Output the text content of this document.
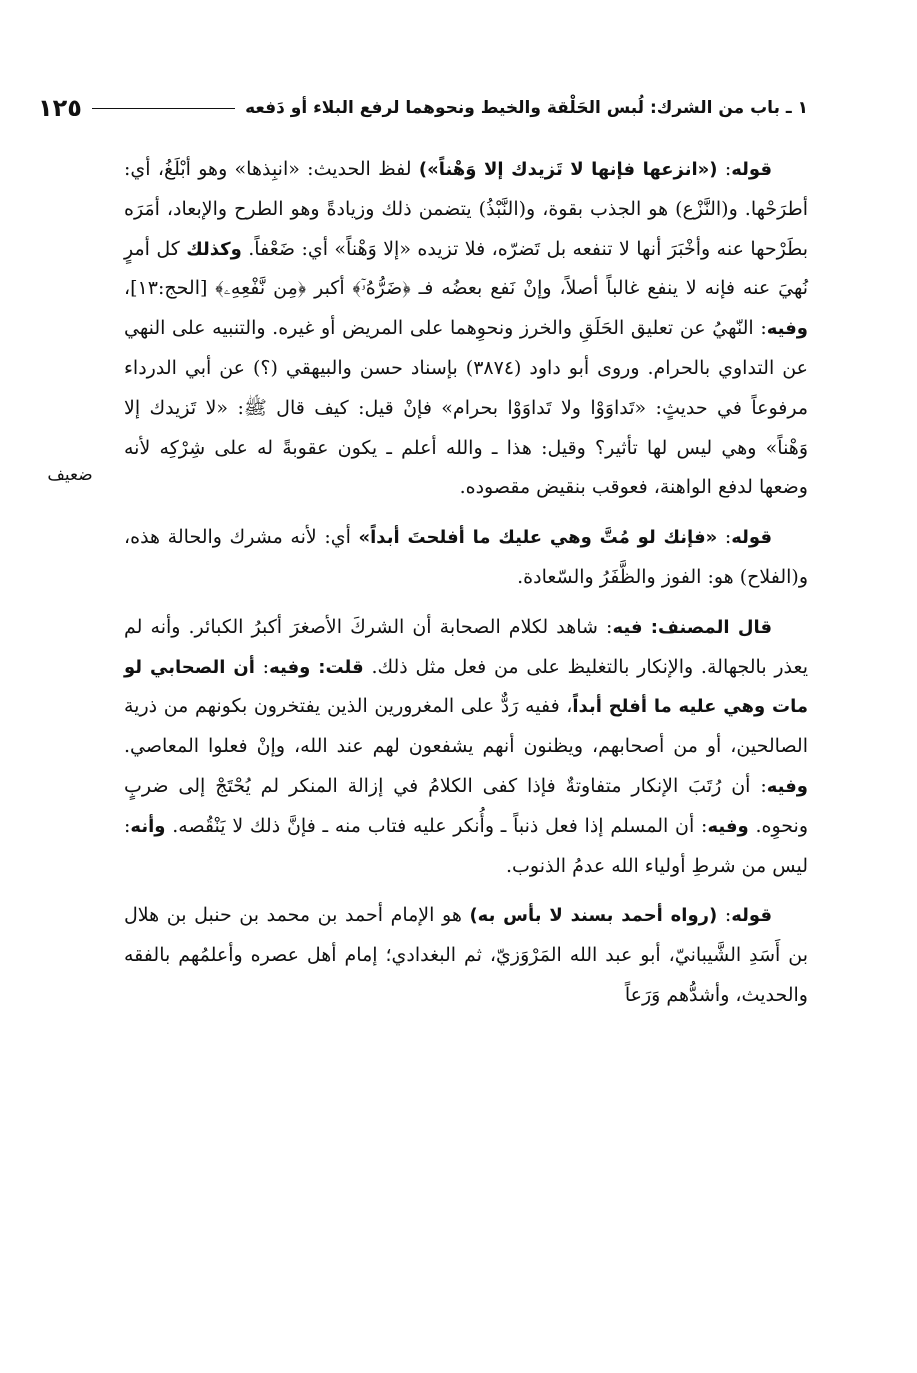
١ ـ باب من الشرك: لُبس الحَلْقة والخيط ونحوهما لرفع البلاء أو دَفعه
١٢٥
ضعيف

قوله: («انزعها فإنها لا تَزيدك إلا وَهْناً») لفظ الحديث: «انبِذها» وهو أبْلَغُ، أي: أطرَحْها. و(النَّزْع) هو الجذب بقوة، و(النَّبْذُ) يتضمن ذلك وزيادةً وهو الطرح والإبعاد، أمَرَه بطَرْحها عنه وأخْبَرَ أنها لا تنفعه بل تَضرّه، فلا تزيده «إلا وَهْناً» أي: ضَعْفاً. وكذلك كل أمرٍ نُهيَ عنه فإنه لا ينفع غالباً أصلاً، وإنْ نَفع بعضُه فـ ﴿ضَرُّهُۥٓ﴾ أكبر ﴿مِن نَّفْعِهِۦ﴾ [الحج:١٣]، وفيه: النّهيُ عن تعليق الحَلَقِ والخرز ونحوِهما على المريض أو غيره. والتنبيه على النهي عن التداوي بالحرام. وروى أبو داود (٣٨٧٤) بإسناد حسن والبيهقي (؟) عن أبي الدرداء مرفوعاً في حديثٍ: «تَداوَوْا ولا تَداوَوْا بحرام» فإنْ قيل: كيف قال ﷺ: «لا تَزيدك إلا وَهْناً» وهي ليس لها تأثير؟ وقيل: هذا ـ والله أعلم ـ يكون عقوبةً له على شِرْكِه لأنه وضعها لدفع الواهنة، فعوقب بنقيض مقصوده.

قوله: «فإنك لو مُتَّ وهي عليك ما أفلحتَ أبداً» أي: لأنه مشرك والحالة هذه، و(الفلاح) هو: الفوز والظَّفَرُ والسّعادة.

قال المصنف: فيه: شاهد لكلام الصحابة أن الشركَ الأصغرَ أكبرُ الكبائر. وأنه لم يعذر بالجهالة. والإنكار بالتغليظ على من فعل مثل ذلك. قلت: وفيه: أن الصحابي لو مات وهي عليه ما أفلح أبداً، ففيه رَدٌّ على المغرورين الذين يفتخرون بكونهم من ذرية الصالحين، أو من أصحابهم، ويظنون أنهم يشفعون لهم عند الله، وإنْ فعلوا المعاصي. وفيه: أن رُتَبَ الإنكار متفاوتةٌ فإذا كفى الكلامُ في إزالة المنكر لم يُحْتَجْ إلى ضربٍ ونحوِه. وفيه: أن المسلم إذا فعل ذنباً ـ وأُنكر عليه فتاب منه ـ فإنَّ ذلك لا يَنْقُصه. وأنه: ليس من شرطِ أولياء الله عدمُ الذنوب.

قوله: (رواه أحمد بسند لا بأس به) هو الإمام أحمد بن محمد بن حنبل بن هلال بن أَسَدِ الشَّيبانيّ، أبو عبد الله المَرْوَزيّ، ثم البغدادي؛ إمام أهل عصره وأعلمُهم بالفقه والحديث، وأشدُّهم وَرَعاً
